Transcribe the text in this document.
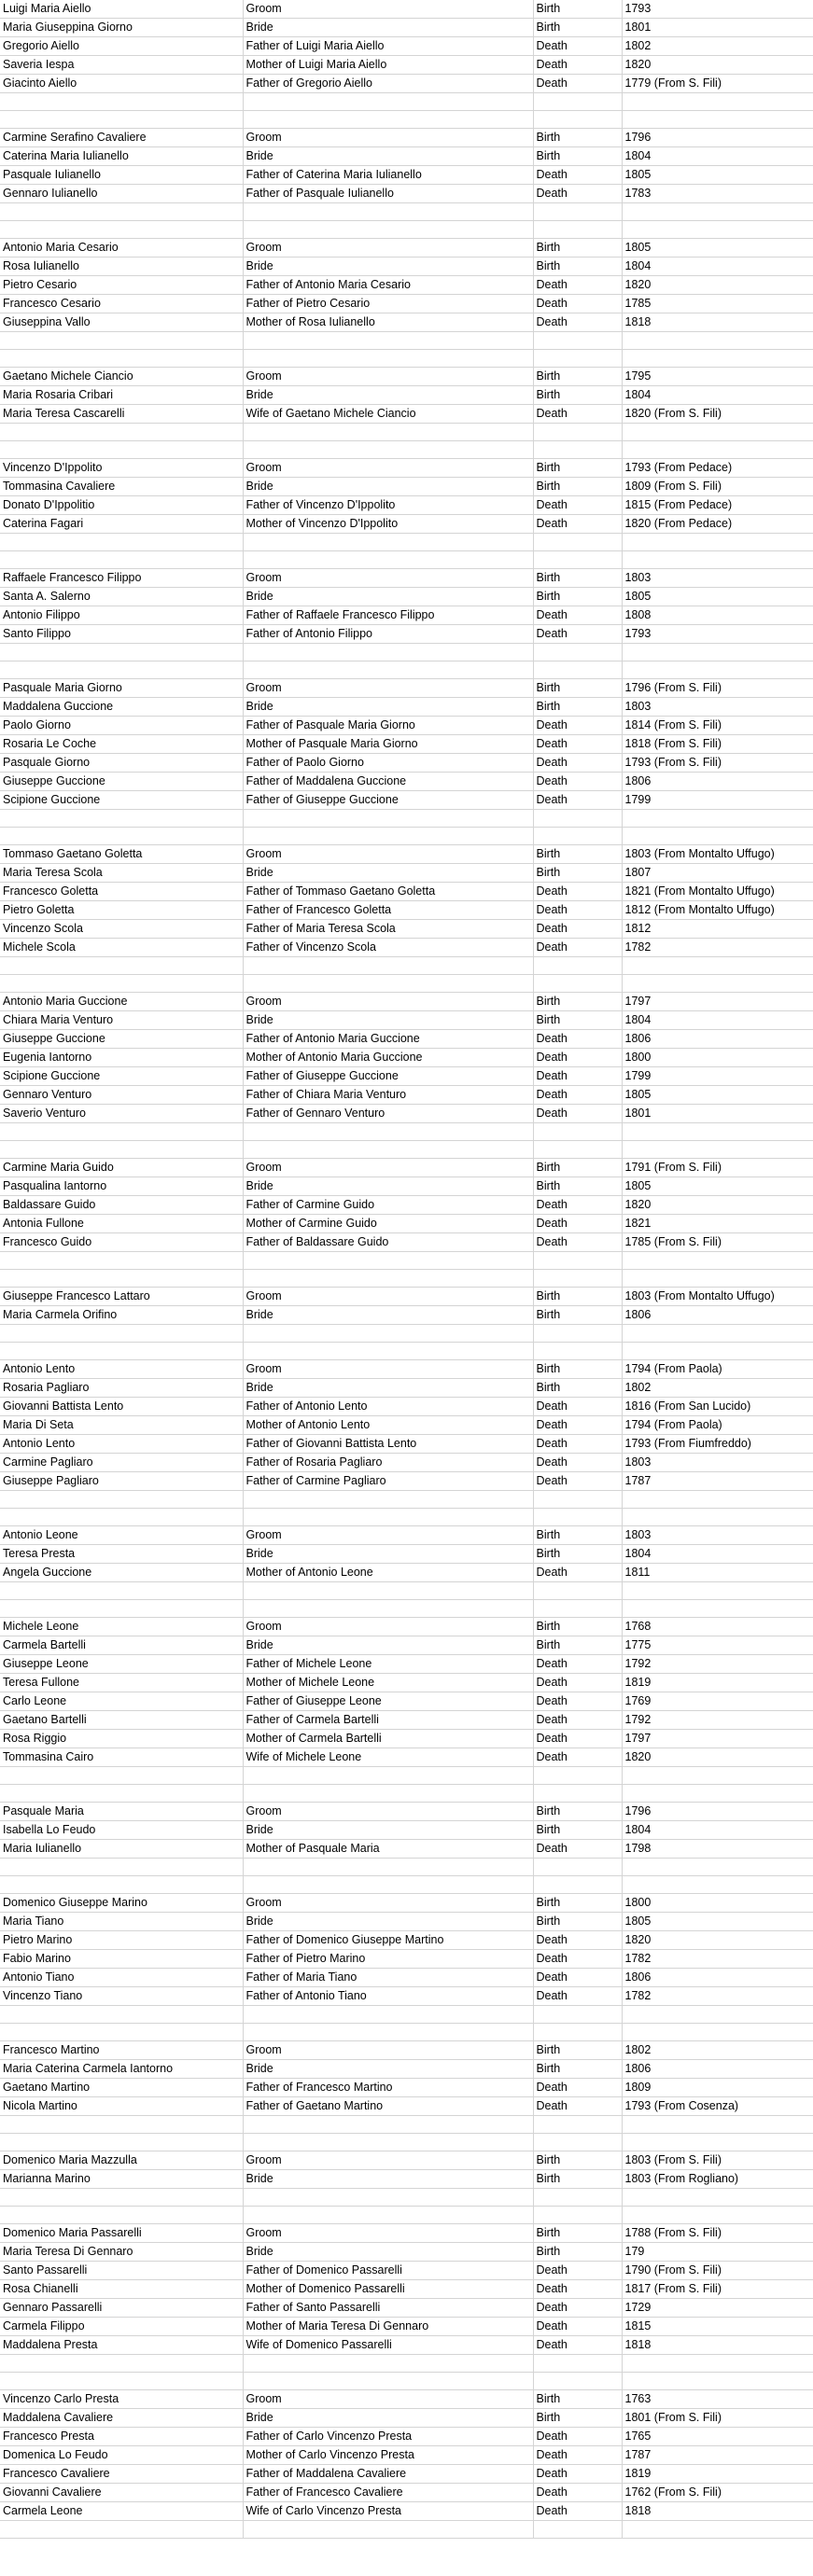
Luigi Maria Aiello	Groom	Birth	1793
Maria Giuseppina Giorno	Bride	Birth	1801
Gregorio Aiello	Father of Luigi Maria Aiello	Death	1802
Saveria Iespa	Mother of Luigi Maria Aiello	Death	1820
Giacinto Aiello	Father of Gregorio Aiello	Death	1779 (From S. Fili)

Carmine Serafino Cavaliere	Groom	Birth	1796
Caterina Maria Iulianello	Bride	Birth	1804
Pasquale Iulianello	Father of Caterina Maria Iulianello	Death	1805
Gennaro Iulianello	Father of Pasquale Iulianello	Death	1783

Antonio Maria Cesario	Groom	Birth	1805
Rosa Iulianello	Bride	Birth	1804
Pietro Cesario	Father of Antonio Maria Cesario	Death	1820
Francesco Cesario	Father of Pietro Cesario	Death	1785
Giuseppina Vallo	Mother of Rosa Iulianello	Death	1818

Gaetano Michele Ciancio	Groom	Birth	1795
Maria Rosaria Cribari	Bride	Birth	1804
Maria Teresa Cascarelli	Wife of Gaetano Michele Ciancio	Death	1820 (From S. Fili)

Vincenzo D'Ippolito	Groom	Birth	1793 (From Pedace)
Tommasina Cavaliere	Bride	Birth	1809 (From S. Fili)
Donato D'Ippolitio	Father of Vincenzo D'Ippolito	Death	1815 (From Pedace)
Caterina Fagari	Mother of Vincenzo D'Ippolito	Death	1820 (From Pedace)

Raffaele Francesco Filippo	Groom	Birth	1803
Santa A. Salerno	Bride	Birth	1805
Antonio Filippo	Father of Raffaele Francesco Filippo	Death	1808
Santo Filippo	Father of Antonio Filippo	Death	1793

Pasquale Maria Giorno	Groom	Birth	1796 (From S. Fili)
Maddalena Guccione	Bride	Birth	1803
Paolo Giorno	Father of Pasquale Maria Giorno	Death	1814 (From S. Fili)
Rosaria Le Coche	Mother of Pasquale Maria Giorno	Death	1818 (From S. Fili)
Pasquale Giorno	Father of Paolo Giorno	Death	1793 (From S. Fili)
Giuseppe Guccione	Father of Maddalena Guccione	Death	1806
Scipione Guccione	Father of Giuseppe Guccione	Death	1799

Tommaso Gaetano Goletta	Groom	Birth	1803 (From Montalto Uffugo)
Maria Teresa Scola	Bride	Birth	1807
Francesco Goletta	Father of Tommaso Gaetano Goletta	Death	1821 (From Montalto Uffugo)
Pietro Goletta	Father of Francesco Goletta	Death	1812 (From Montalto Uffugo)
Vincenzo Scola	Father of Maria Teresa Scola	Death	1812
Michele Scola	Father of Vincenzo Scola	Death	1782

Antonio Maria Guccione	Groom	Birth	1797
Chiara Maria Venturo	Bride	Birth	1804
Giuseppe Guccione	Father of Antonio Maria Guccione	Death	1806
Eugenia Iantorno	Mother of Antonio Maria Guccione	Death	1800
Scipione Guccione	Father of Giuseppe Guccione	Death	1799
Gennaro Venturo	Father of Chiara Maria Venturo	Death	1805
Saverio Venturo	Father of Gennaro Venturo	Death	1801

Carmine Maria Guido	Groom	Birth	1791 (From S. Fili)
Pasqualina Iantorno	Bride	Birth	1805
Baldassare Guido	Father of Carmine Guido	Death	1820
Antonia Fullone	Mother of Carmine Guido	Death	1821
Francesco Guido	Father of Baldassare Guido	Death	1785 (From S. Fili)

Giuseppe Francesco Lattaro	Groom	Birth	1803 (From Montalto Uffugo)
Maria Carmela Orifino	Bride	Birth	1806

Antonio Lento	Groom	Birth	1794 (From Paola)
Rosaria Pagliaro	Bride	Birth	1802
Giovanni Battista Lento	Father of Antonio Lento	Death	1816 (From San Lucido)
Maria Di Seta	Mother of Antonio Lento	Death	1794 (From Paola)
Antonio Lento	Father of Giovanni Battista Lento	Death	1793 (From Fiumfreddo)
Carmine Pagliaro	Father of Rosaria Pagliaro	Death	1803
Giuseppe Pagliaro	Father of Carmine Pagliaro	Death	1787

Antonio Leone	Groom	Birth	1803
Teresa Presta	Bride	Birth	1804
Angela Guccione	Mother of Antonio Leone	Death	1811

Michele Leone	Groom	Birth	1768
Carmela Bartelli	Bride	Birth	1775
Giuseppe Leone	Father of Michele Leone	Death	1792
Teresa Fullone	Mother of Michele Leone	Death	1819
Carlo Leone	Father of Giuseppe Leone	Death	1769
Gaetano Bartelli	Father of Carmela Bartelli	Death	1792
Rosa Riggio	Mother of Carmela Bartelli	Death	1797
Tommasina Cairo	Wife of Michele Leone	Death	1820

Pasquale Maria	Groom	Birth	1796
Isabella Lo Feudo	Bride	Birth	1804
Maria Iulianello	Mother of Pasquale Maria	Death	1798

Domenico Giuseppe Marino	Groom	Birth	1800
Maria Tiano	Bride	Birth	1805
Pietro Marino	Father of Domenico Giuseppe Martino	Death	1820
Fabio Marino	Father of Pietro Marino	Death	1782
Antonio Tiano	Father of Maria Tiano	Death	1806
Vincenzo Tiano	Father of Antonio Tiano	Death	1782

Francesco Martino	Groom	Birth	1802
Maria Caterina Carmela Iantorno	Bride	Birth	1806
Gaetano Martino	Father of Francesco Martino	Death	1809
Nicola Martino	Father of Gaetano Martino	Death	1793 (From Cosenza)

Domenico Maria Mazzulla	Groom	Birth	1803 (From S. Fili)
Marianna Marino	Bride	Birth	1803 (From Rogliano)

Domenico Maria Passarelli	Groom	Birth	1788 (From S. Fili)
Maria Teresa Di Gennaro	Bride	Birth	179
Santo Passarelli	Father of Domenico Passarelli	Death	1790 (From S. Fili)
Rosa Chianelli	Mother of Domenico Passarelli	Death	1817 (From S. Fili)
Gennaro Passarelli	Father of Santo Passarelli	Death	1729
Carmela Filippo	Mother of Maria Teresa Di Gennaro	Death	1815
Maddalena Presta	Wife of Domenico Passarelli	Death	1818

Vincenzo Carlo Presta	Groom	Birth	1763
Maddalena Cavaliere	Bride	Birth	1801 (From S. Fili)
Francesco Presta	Father of Carlo Vincenzo Presta	Death	1765
Domenica Lo Feudo	Mother of Carlo Vincenzo Presta	Death	1787
Francesco Cavaliere	Father of Maddalena Cavaliere	Death	1819
Giovanni Cavaliere	Father of Francesco Cavaliere	Death	1762 (From S. Fili)
Carmela Leone	Wife of Carlo Vincenzo Presta	Death	1818
